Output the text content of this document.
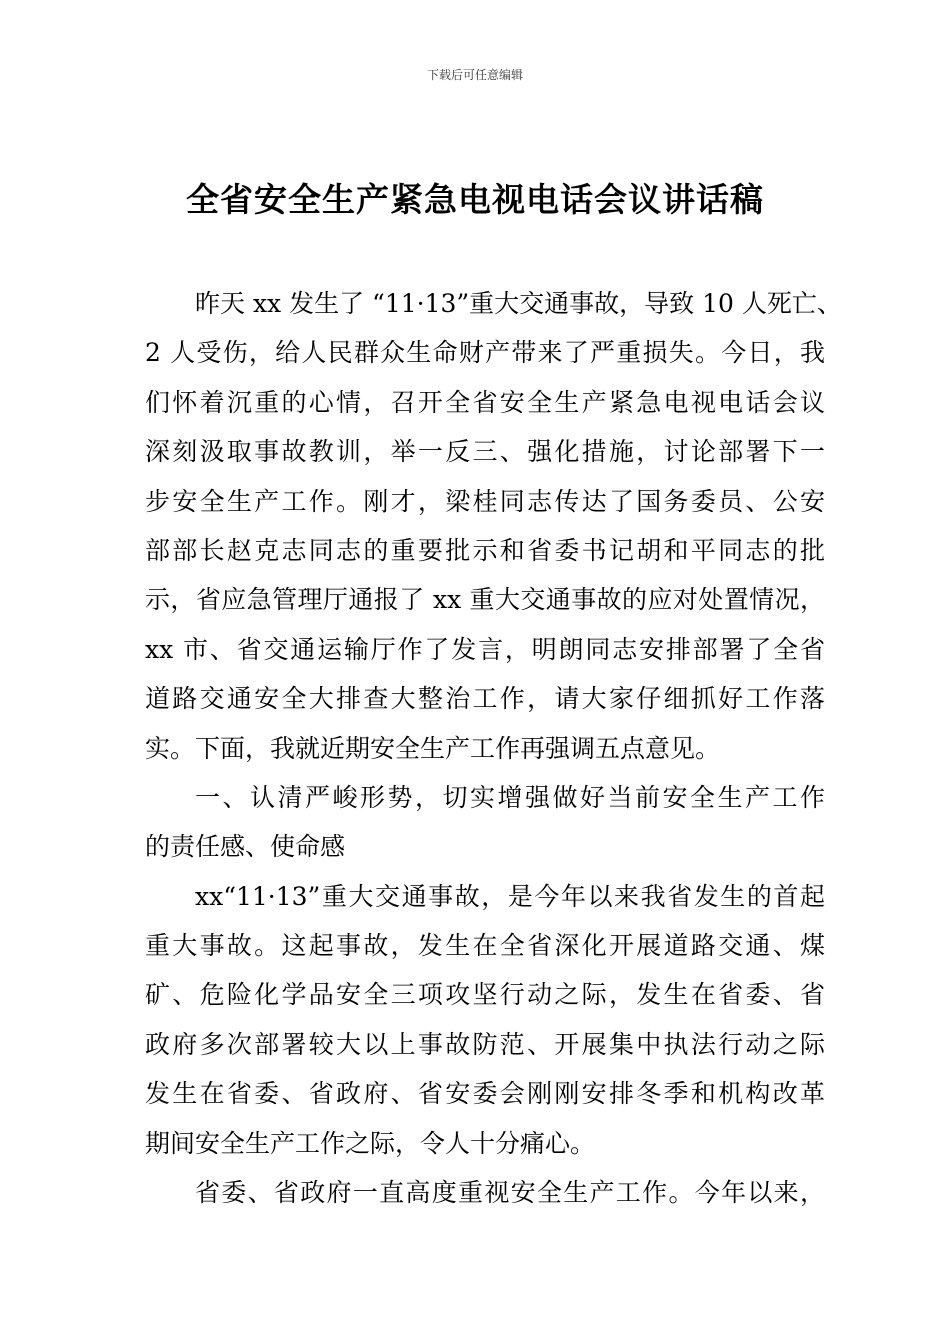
下载后可任意编辑
全省安全生产紧急电视电话会议讲话稿
昨天 xx 发生了 “11·13”重大交通事故，导致 10 人死亡、
2 人受伤，给人民群众生命财产带来了严重损失。今日，我
们怀着沉重的心情，召开全省安全生产紧急电视电话会议
深刻汲取事故教训，举一反三、强化措施，讨论部署下一
步安全生产工作。刚才，梁桂同志传达了国务委员、公安
部部长赵克志同志的重要批示和省委书记胡和平同志的批
示，省应急管理厅通报了 xx 重大交通事故的应对处置情况，
xx 市、省交通运输厅作了发言，明朗同志安排部署了全省
道路交通安全大排查大整治工作，请大家仔细抓好工作落
实。下面，我就近期安全生产工作再强调五点意见。
一、认清严峻形势，切实增强做好当前安全生产工作
的责任感、使命感
xx“11·13”重大交通事故，是今年以来我省发生的首起
重大事故。这起事故，发生在全省深化开展道路交通、煤
矿、危险化学品安全三项攻坚行动之际，发生在省委、省
政府多次部署较大以上事故防范、开展集中执法行动之际
发生在省委、省政府、省安委会刚刚安排冬季和机构改革
期间安全生产工作之际，令人十分痛心。
省委、省政府一直高度重视安全生产工作。今年以来，
